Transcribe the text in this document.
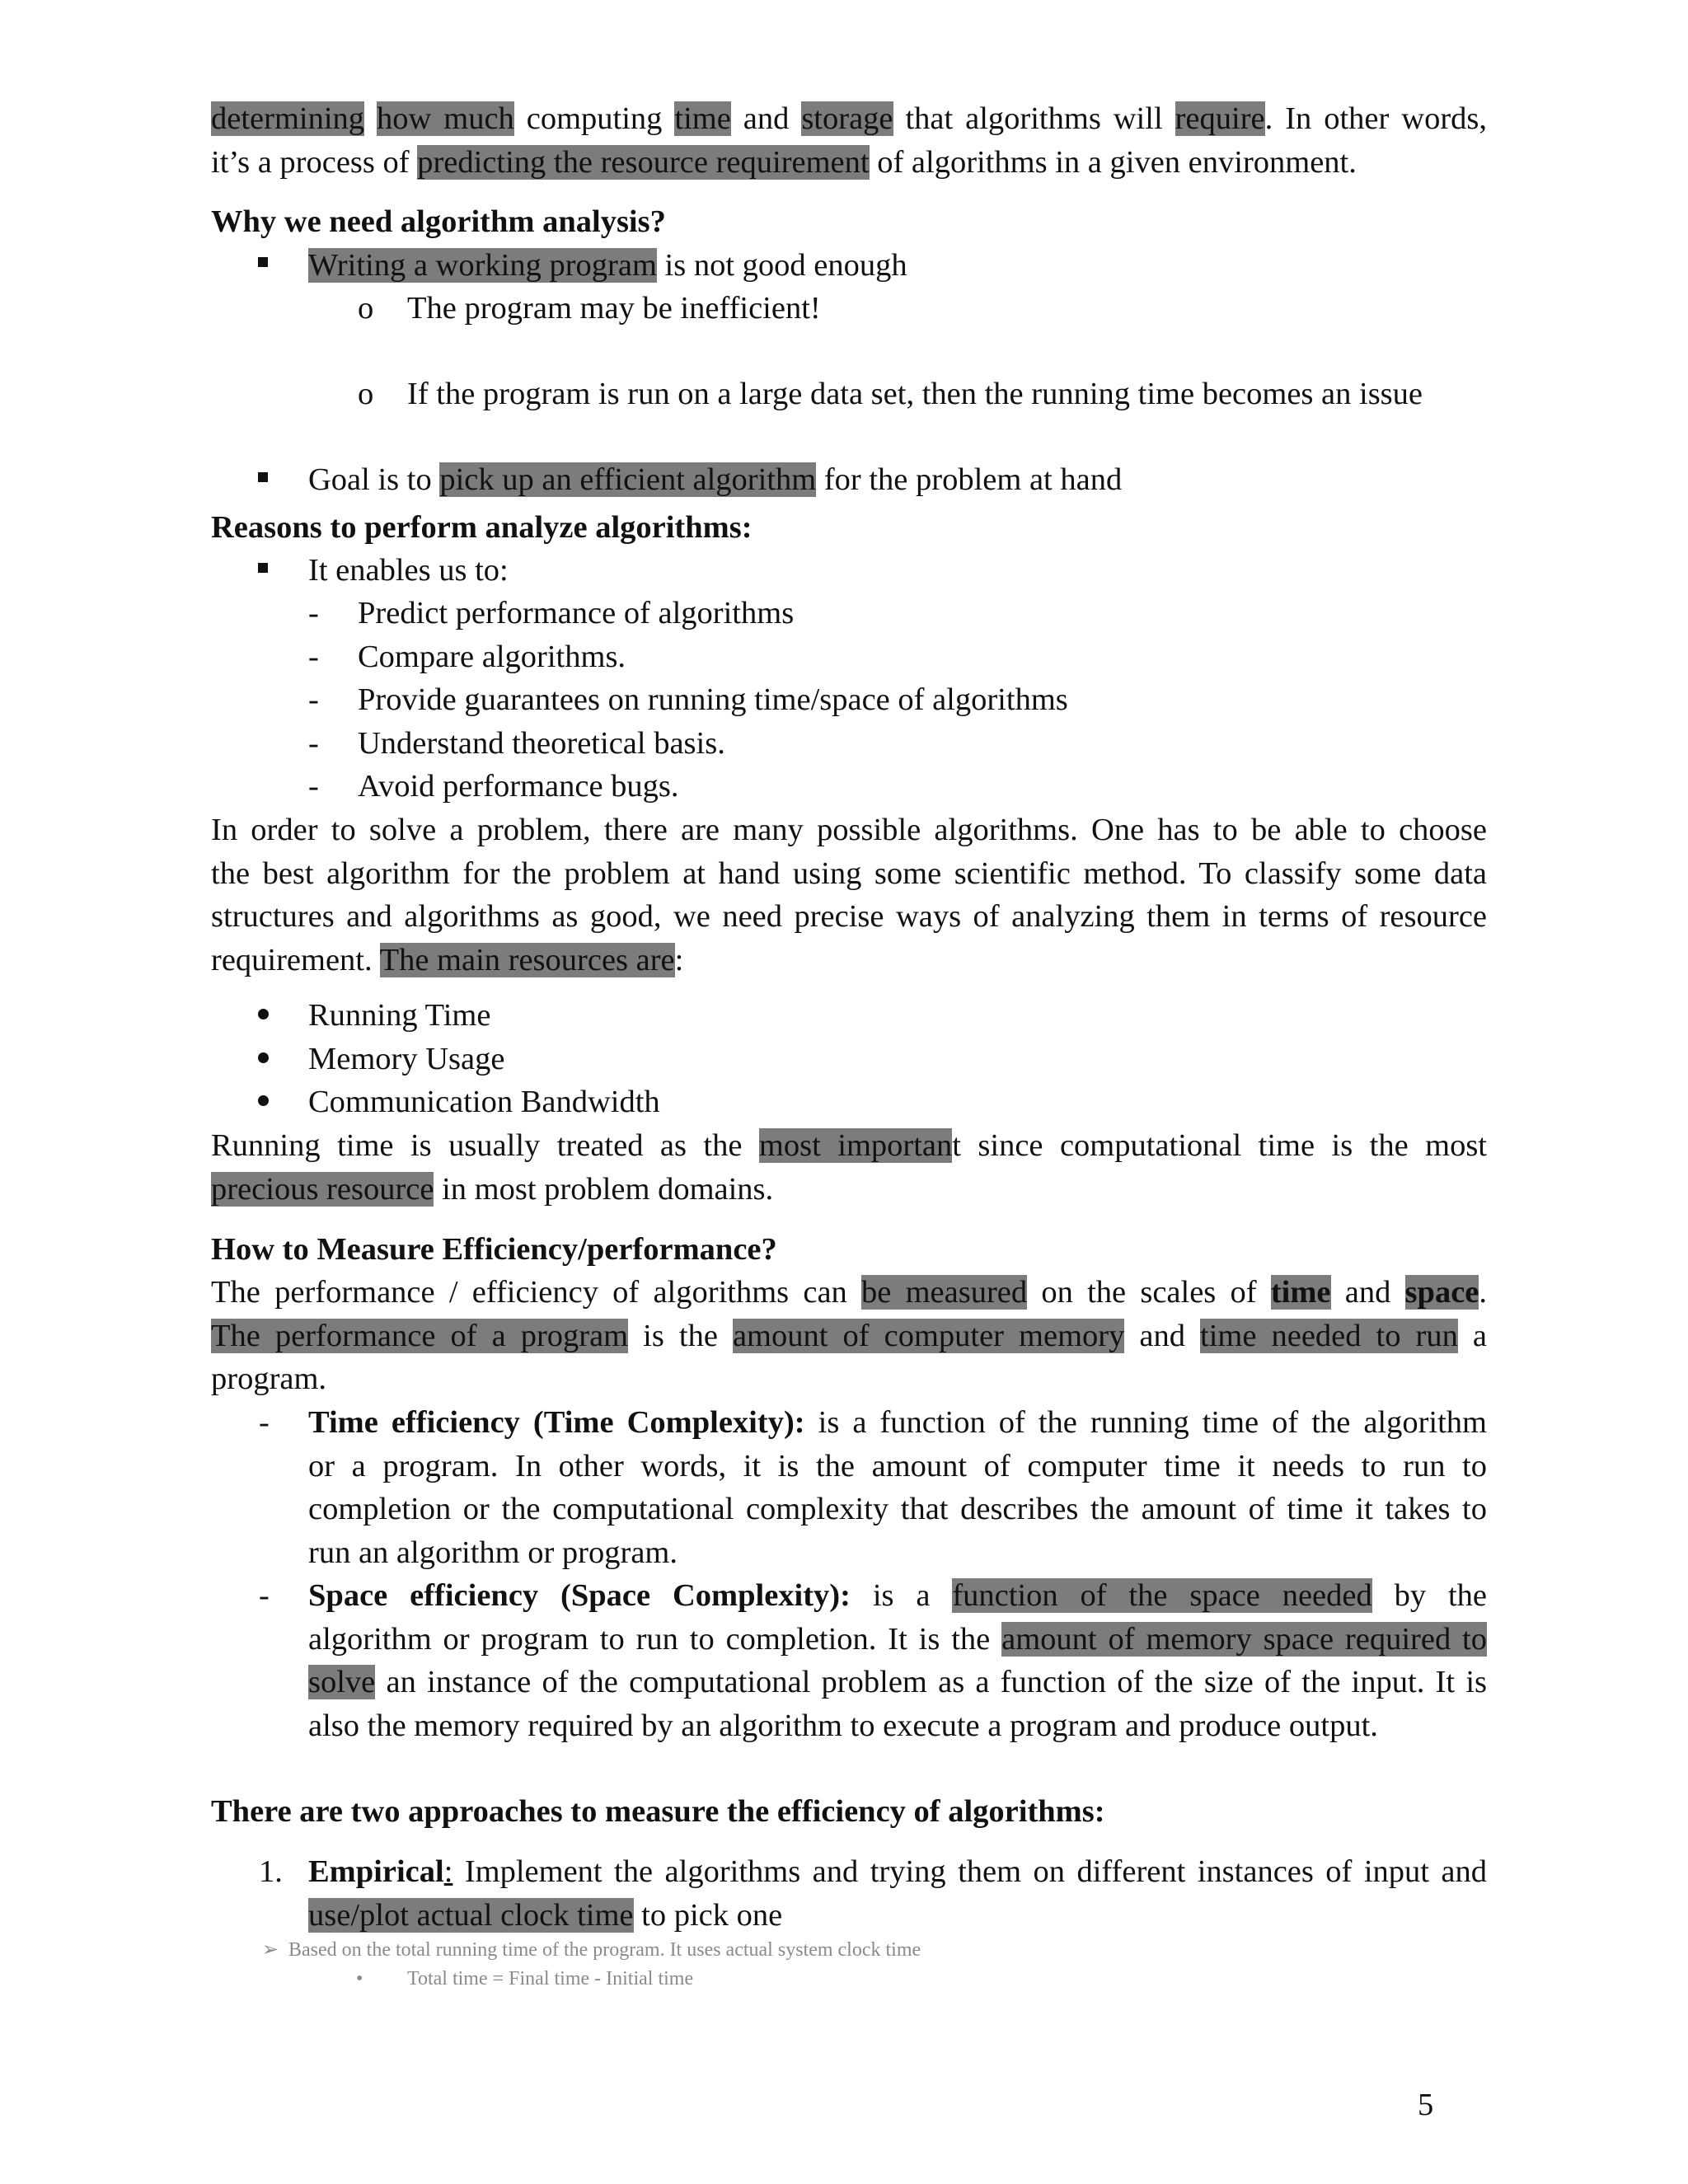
determining how much computing time and storage that algorithms will require. In other words,
it’s a process of predicting the resource requirement of algorithms in a given environment.
Why we need algorithm analysis?
Writing a working program is not good enough
o The program may be inefficient!
o If the program is run on a large data set, then the running time becomes an issue
Goal is to pick up an efficient algorithm for the problem at hand
Reasons to perform analyze algorithms:
It enables us to:
- Predict performance of algorithms
- Compare algorithms.
- Provide guarantees on running time/space of algorithms
- Understand theoretical basis.
- Avoid performance bugs.
In order to solve a problem, there are many possible algorithms. One has to be able to choose
the best algorithm for the problem at hand using some scientific method. To classify some data
structures and algorithms as good, we need precise ways of analyzing them in terms of resource
requirement. The main resources are:
Running Time
Memory Usage
Communication Bandwidth
Running time is usually treated as the most important since computational time is the most
precious resource in most problem domains.
How to Measure Efficiency/performance?
The performance / efficiency of algorithms can be measured on the scales of time and space.
The performance of a program is the amount of computer memory and time needed to run a
program.
- Time efficiency (Time Complexity): is a function of the running time of the algorithm
or a program. In other words, it is the amount of computer time it needs to run to
completion or the computational complexity that describes the amount of time it takes to
run an algorithm or program.
- Space efficiency (Space Complexity): is a function of the space needed by the
algorithm or program to run to completion. It is the amount of memory space required to
solve an instance of the computational problem as a function of the size of the input. It is
also the memory required by an algorithm to execute a program and produce output.
There are two approaches to measure the efficiency of algorithms:
1. Empirical: Implement the algorithms and trying them on different instances of input and
use/plot actual clock time to pick one
➢ Based on the total running time of the program. It uses actual system clock time
• Total time = Final time - Initial time
5
